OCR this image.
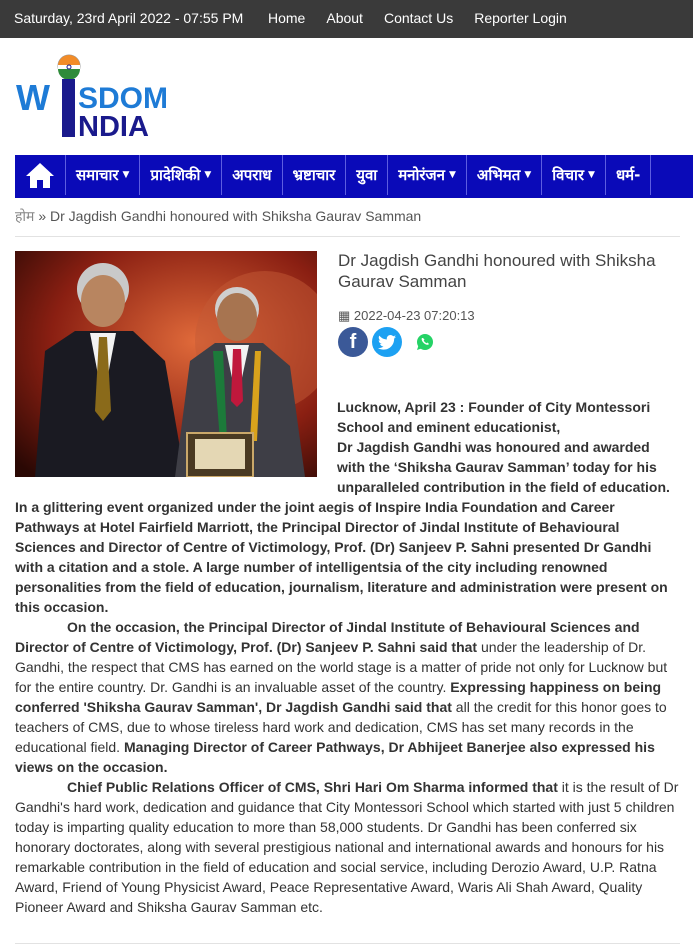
Saturday, 23rd April 2022 - 07:55 PM Home About Contact Us Reporter Login
W SDOM
NDIA
समाचार ▼ प्रादेशिकी ▼ अपराध भ्रष्टाचार युवा मनोरंजन ▼ अभिमत ▼ विचार ▼ धर्म-
होम » Dr Jagdish Gandhi honoured with Shiksha Gaurav Samman
Dr Jagdish Gandhi honoured with Shiksha Gaurav Samman
▦ 2022-04-23 07:20:13
f

Lucknow, April 23 : Founder of City Montessori School and eminent educationist,

Dr Jagdish Gandhi was honoured and awarded with the ‘Shiksha Gaurav Samman’ today for his unparalleled contribution in the field of education. In a glittering event organized under the joint aegis of Inspire India Foundation and Career Pathways at Hotel Fairfield Marriott, the Principal Director of Jindal Institute of Behavioural Sciences and Director of Centre of Victimology, Prof. (Dr) Sanjeev P. Sahni presented Dr Gandhi with a citation and a stole. A large number of intelligentsia of the city including renowned personalities from the field of education, journalism, literature and administration were present on this occasion.

On the occasion, the Principal Director of Jindal Institute of Behavioural Sciences and Director of Centre of Victimology, Prof. (Dr) Sanjeev P. Sahni said that under the leadership of Dr. Gandhi, the respect that CMS has earned on the world stage is a matter of pride not only for Lucknow but for the entire country. Dr. Gandhi is an invaluable asset of the country. Expressing happiness on being conferred 'Shiksha Gaurav Samman', Dr Jagdish Gandhi said that all the credit for this honor goes to teachers of CMS, due to whose tireless hard work and dedication, CMS has set many records in the educational field. Managing Director of Career Pathways, Dr Abhijeet Banerjee also expressed his views on the occasion.

Chief Public Relations Officer of CMS, Shri Hari Om Sharma informed that it is the result of Dr Gandhi's hard work, dedication and guidance that City Montessori School which started with just 5 children today is imparting quality education to more than 58,000 students. Dr Gandhi has been conferred six honorary doctorates, along with several prestigious national and international awards and honours for his remarkable contribution in the field of education and social service, including Derozio Award, U.P. Ratna Award, Friend of Young Physicist Award, Peace Representative Award, Waris Ali Shah Award, Quality Pioneer Award and Shiksha Gaurav Samman etc.
